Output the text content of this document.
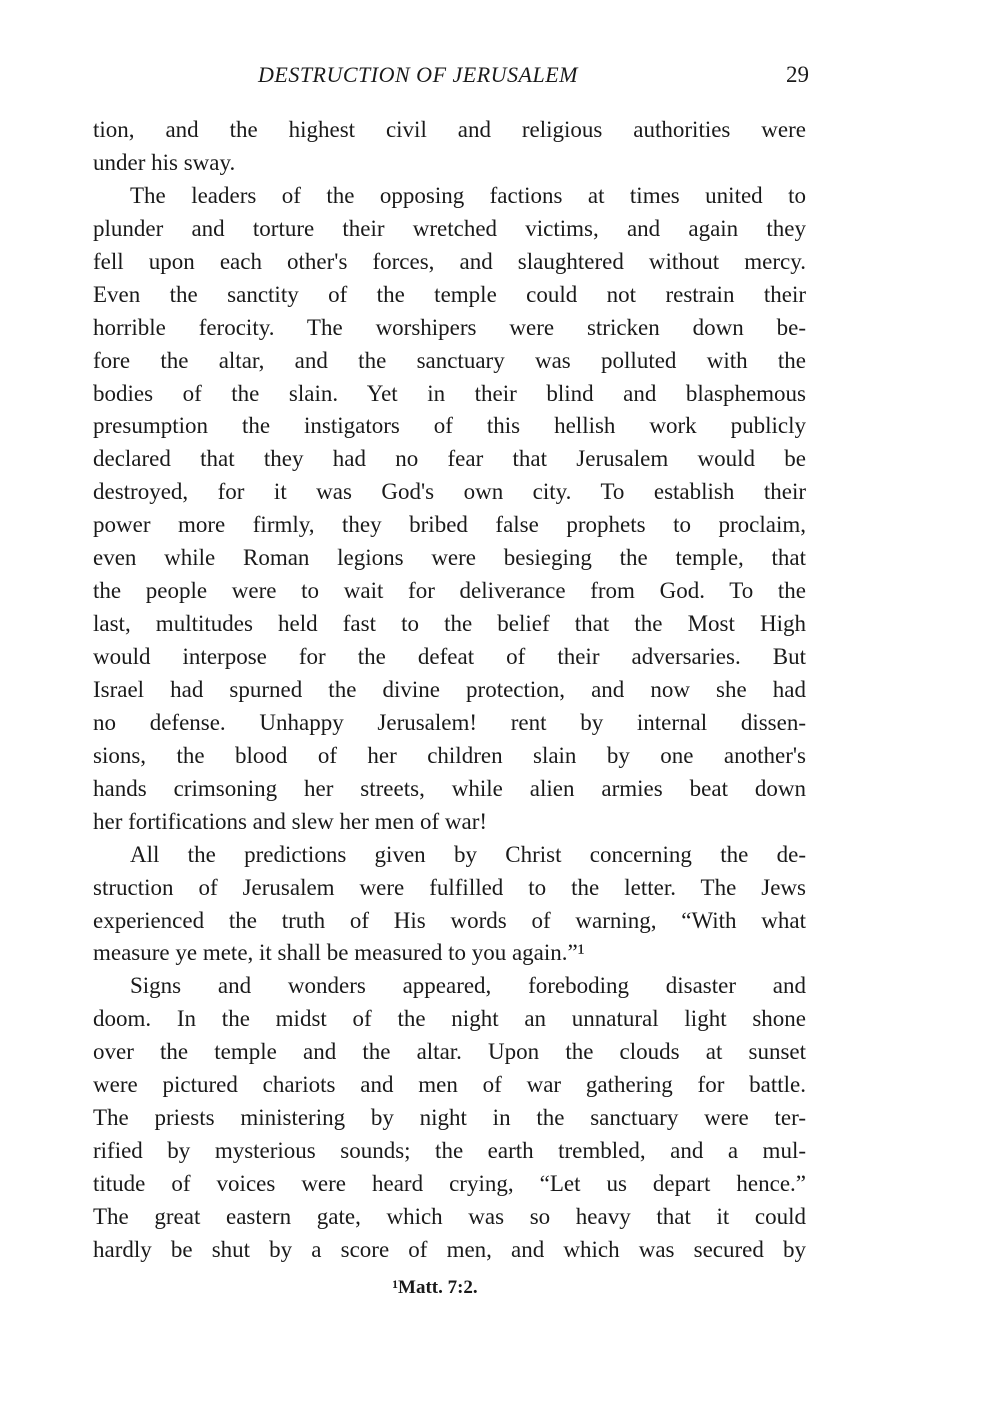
DESTRUCTION OF JERUSALEM	29
tion, and the highest civil and religious authorities were
under his sway.
The leaders of the opposing factions at times united to
plunder and torture their wretched victims, and again they
fell upon each other's forces, and slaughtered without mercy.
Even the sanctity of the temple could not restrain their
horrible ferocity. The worshipers were stricken down be-
fore the altar, and the sanctuary was polluted with the
bodies of the slain. Yet in their blind and blasphemous
presumption the instigators of this hellish work publicly
declared that they had no fear that Jerusalem would be
destroyed, for it was God's own city. To establish their
power more firmly, they bribed false prophets to proclaim,
even while Roman legions were besieging the temple, that
the people were to wait for deliverance from God. To the
last, multitudes held fast to the belief that the Most High
would interpose for the defeat of their adversaries. But
Israel had spurned the divine protection, and now she had
no defense. Unhappy Jerusalem! rent by internal dissen-
sions, the blood of her children slain by one another's
hands crimsoning her streets, while alien armies beat down
her fortifications and slew her men of war!
All the predictions given by Christ concerning the de-
struction of Jerusalem were fulfilled to the letter. The Jews
experienced the truth of His words of warning, “With what
measure ye mete, it shall be measured to you again.”¹
Signs and wonders appeared, foreboding disaster and
doom. In the midst of the night an unnatural light shone
over the temple and the altar. Upon the clouds at sunset
were pictured chariots and men of war gathering for battle.
The priests ministering by night in the sanctuary were ter-
rified by mysterious sounds; the earth trembled, and a mul-
titude of voices were heard crying, “Let us depart hence.”
The great eastern gate, which was so heavy that it could
hardly be shut by a score of men, and which was secured by
¹Matt. 7:2.
